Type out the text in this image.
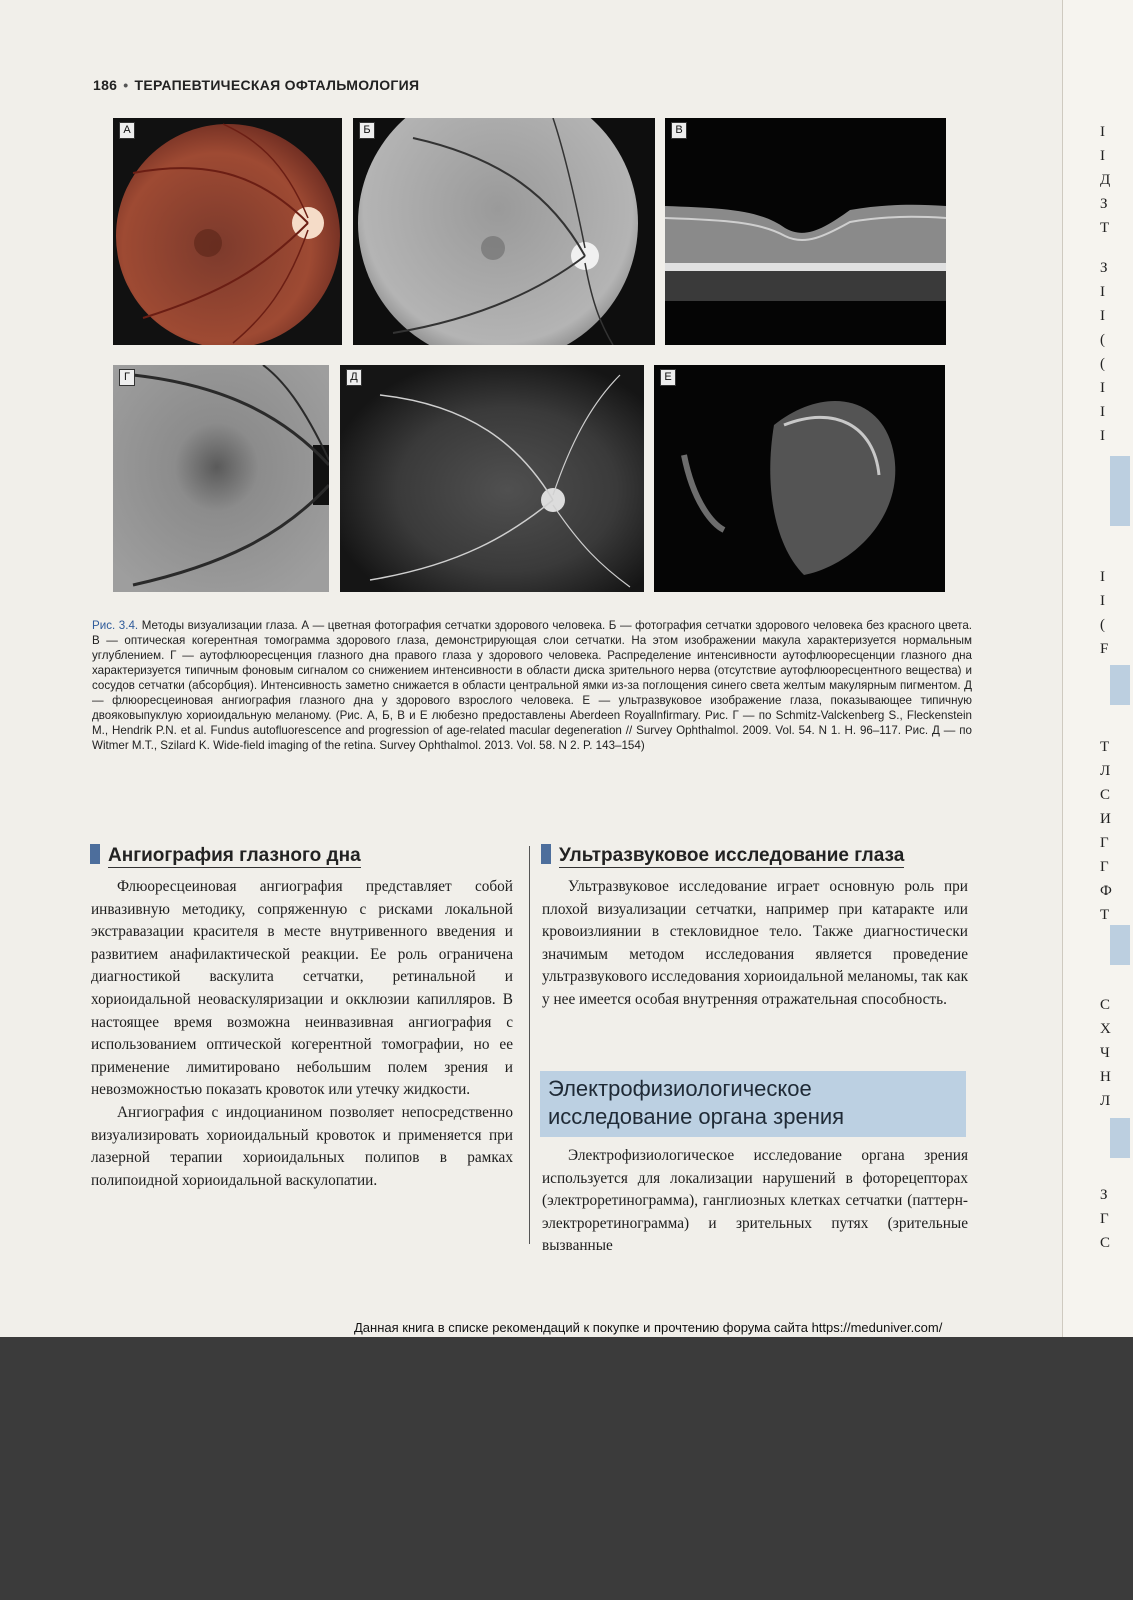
186 • ТЕРАПЕВТИЧЕСКАЯ ОФТАЛЬМОЛОГИЯ
А	Б	В
Г	Д	Е
Рис. 3.4. Методы визуализации глаза. А — цветная фотография сетчатки здорового человека. Б — фотография сетчатки здорового человека без красного цвета. В — оптическая когерентная томограмма здорового глаза, демонстрирующая слои сетчатки. На этом изображении макула характеризуется нормальным углублением. Г — аутофлюоресценция глазного дна правого глаза у здорового человека. Распределение интенсивности аутофлюоресценции глазного дна характеризуется типичным фоновым сигналом со снижением интенсивности в области диска зрительного нерва (отсутствие аутофлюоресцентного вещества) и сосудов сетчатки (абсорбция). Интенсивность заметно снижается в области центральной ямки из-за поглощения синего света желтым макулярным пигментом. Д — флюоресцеиновая ангиография глазного дна у здорового взрослого человека. Е — ультразвуковое изображение глаза, показывающее типичную двояковыпуклую хориоидальную меланому. (Рис. А, Б, В и Е любезно предоставлены Aberdeen Royallnfirmary. Рис. Г — по Schmitz-Valckenberg S., Fleckenstein M., Hendrik P.N. et al. Fundus autofluorescence and progression of age-related macular degeneration // Survey Ophthalmol. 2009. Vol. 54. N 1. H. 96–117. Рис. Д — по Witmer M.T., Szilard K. Wide-field imaging of the retina. Survey Ophthalmol. 2013. Vol. 58. N 2. P. 143–154)
Ангиография глазного дна

Флюоресцеиновая ангиография представляет собой инвазивную методику, сопряженную с рисками локальной экстравазации красителя в месте внутривенного введения и развитием анафилактической реакции. Ее роль ограничена диагностикой васкулита сетчатки, ретинальной и хориоидальной неоваскуляризации и окклюзии капилляров. В настоящее время возможна неинвазивная ангиография с использованием оптической когерентной томографии, но ее применение лимитировано небольшим полем зрения и невозможностью показать кровоток или утечку жидкости.

Ангиография с индоцианином позволяет непосредственно визуализировать хориоидальный кровоток и применяется при лазерной терапии хориоидальных полипов в рамках полипоидной хориоидальной васкулопатии.

Ультразвуковое исследование глаза

Ультразвуковое исследование играет основную роль при плохой визуализации сетчатки, например при катаракте или кровоизлиянии в стекловидное тело. Также диагностически значимым методом исследования является проведение ультразвукового исследования хориоидальной меланомы, так как у нее имеется особая внутренняя отражательная способность.

Электрофизиологическое
исследование органа зрения

Электрофизиологическое исследование органа зрения используется для локализации нарушений в фоторецепторах (электроретинограмма), ганглиозных клетках сетчатки (паттерн-электроретинограмма) и зрительных путях (зрительные вызванные

Данная книга в списке рекомендаций к покупке и прочтению форума сайта https://meduniver.com/
I
I
Д
З
Т
З
I
I
(
(
I
I
I
I
I
(
F
Т
Л
С
И
Г
Г
Ф
Т
С
Х
Ч
Н
Л
З
Г
С
